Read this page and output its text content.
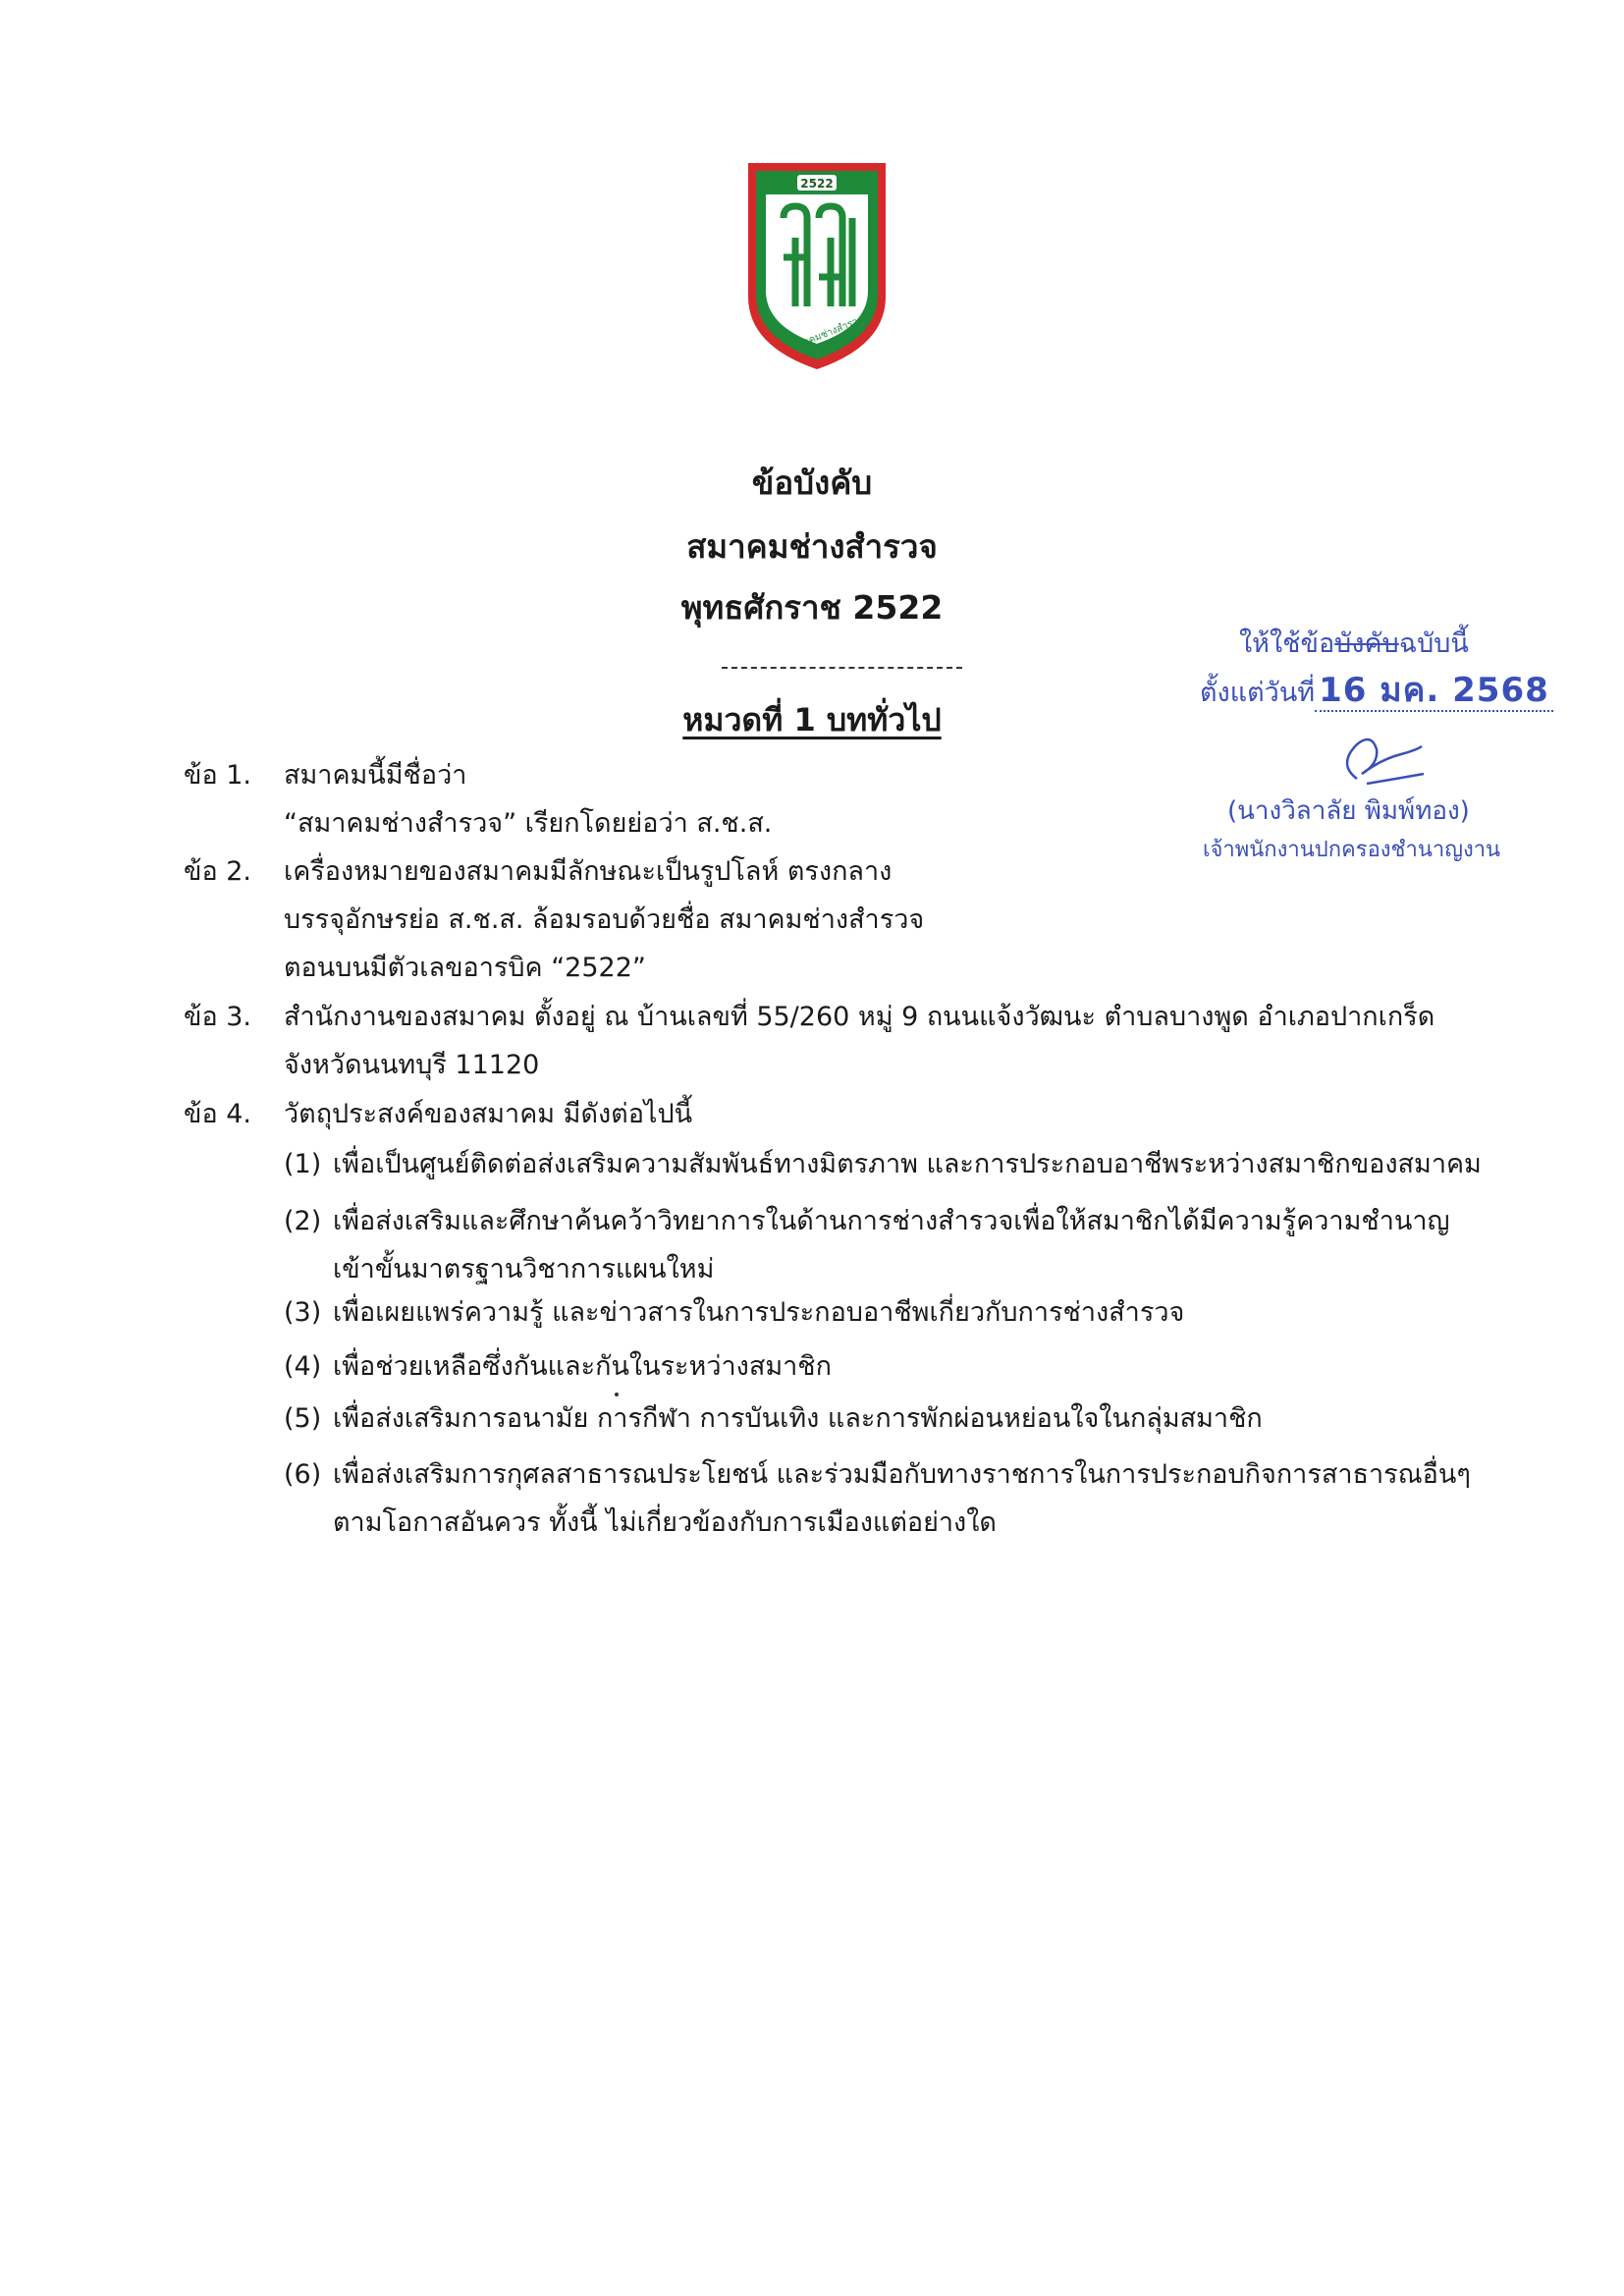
2522
สมาคมช่างสำรวจ
ข้อบังคับ
สมาคมช่างสำรวจ
พุทธศักราช 2522
หมวดที่ 1 บททั่วไป
ให้ใช้ข้อบังคับฉบับนี้
ตั้งแต่วันที่ 16 มค. 2568
(นางวิลาลัย พิมพ์ทอง)
เจ้าพนักงานปกครองชำนาญงาน
ข้อ 1. สมาคมนี้มีชื่อว่า
“สมาคมช่างสำรวจ” เรียกโดยย่อว่า ส.ช.ส.
ข้อ 2. เครื่องหมายของสมาคมมีลักษณะเป็นรูปโลห์ ตรงกลาง
บรรจุอักษรย่อ ส.ช.ส. ล้อมรอบด้วยชื่อ สมาคมช่างสำรวจ
ตอนบนมีตัวเลขอารบิค “2522”
ข้อ 3. สำนักงานของสมาคม ตั้งอยู่ ณ บ้านเลขที่ 55/260 หมู่ 9 ถนนแจ้งวัฒนะ ตำบลบางพูด อำเภอปากเกร็ด
จังหวัดนนทบุรี 11120
ข้อ 4. วัตถุประสงค์ของสมาคม มีดังต่อไปนี้
(1) เพื่อเป็นศูนย์ติดต่อส่งเสริมความสัมพันธ์ทางมิตรภาพ และการประกอบอาชีพระหว่างสมาชิกของสมาคม
(2) เพื่อส่งเสริมและศึกษาค้นคว้าวิทยาการในด้านการช่างสำรวจเพื่อให้สมาชิกได้มีความรู้ความชำนาญ
เข้าขั้นมาตรฐานวิชาการแผนใหม่
(3) เพื่อเผยแพร่ความรู้ และข่าวสารในการประกอบอาชีพเกี่ยวกับการช่างสำรวจ
(4) เพื่อช่วยเหลือซึ่งกันและกันในระหว่างสมาชิก
(5) เพื่อส่งเสริมการอนามัย การกีฬา การบันเทิง และการพักผ่อนหย่อนใจในกลุ่มสมาชิก
(6) เพื่อส่งเสริมการกุศลสาธารณประโยชน์ และร่วมมือกับทางราชการในการประกอบกิจการสาธารณอื่นๆ
ตามโอกาสอันควร ทั้งนี้ ไม่เกี่ยวข้องกับการเมืองแต่อย่างใด
